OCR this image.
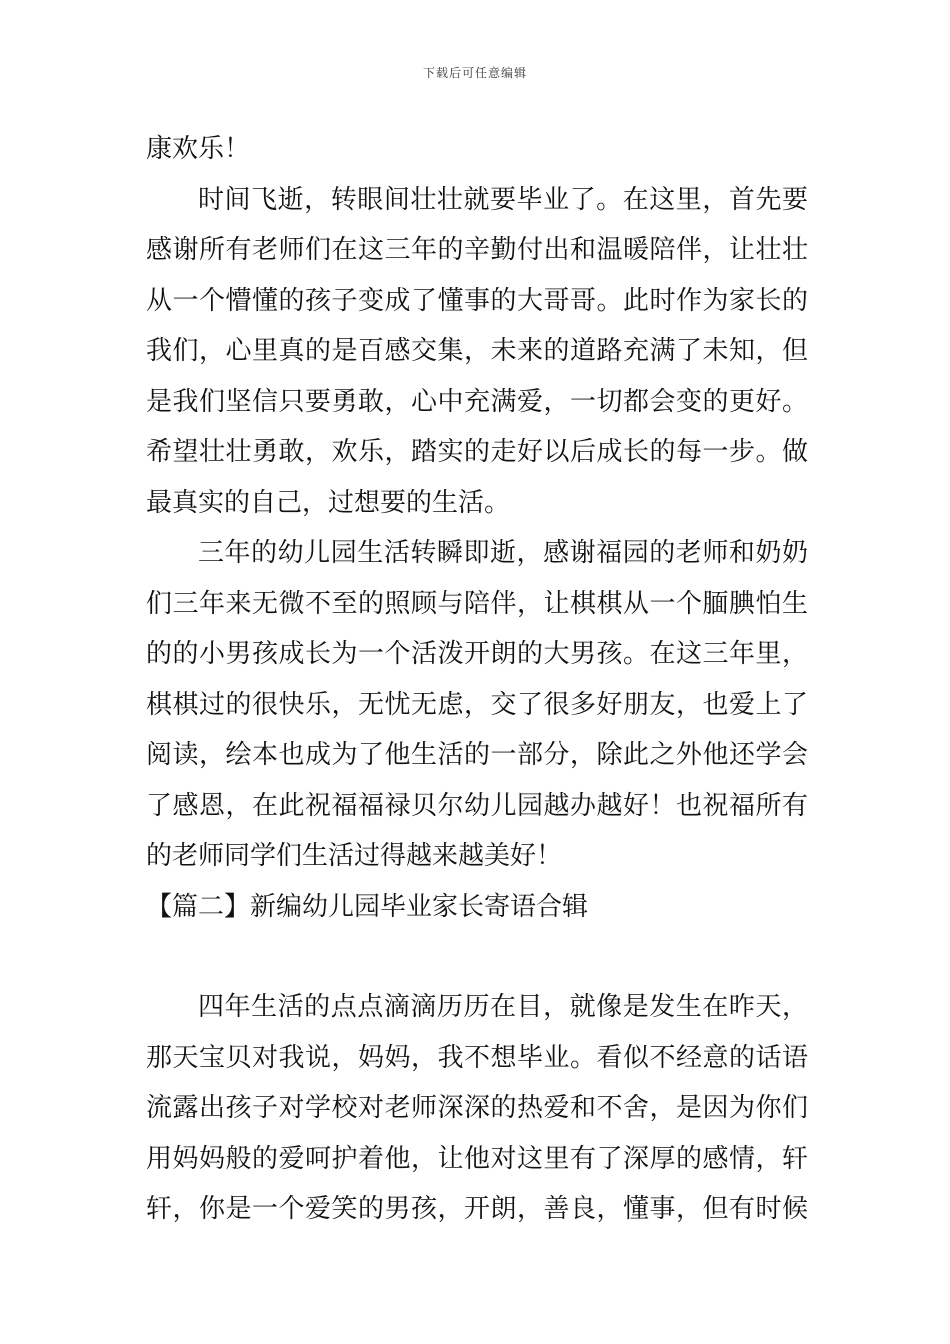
下载后可任意编辑
康欢乐！
时间飞逝，转眼间壮壮就要毕业了。在这里，首先要
感谢所有老师们在这三年的辛勤付出和温暖陪伴，让壮壮
从一个懵懂的孩子变成了懂事的大哥哥。此时作为家长的
我们，心里真的是百感交集，未来的道路充满了未知，但
是我们坚信只要勇敢，心中充满爱，一切都会变的更好。
希望壮壮勇敢，欢乐，踏实的走好以后成长的每一步。做
最真实的自己，过想要的生活。
三年的幼儿园生活转瞬即逝，感谢福园的老师和奶奶
们三年来无微不至的照顾与陪伴，让棋棋从一个腼腆怕生
的的小男孩成长为一个活泼开朗的大男孩。在这三年里，
棋棋过的很快乐，无忧无虑，交了很多好朋友，也爱上了
阅读，绘本也成为了他生活的一部分，除此之外他还学会
了感恩，在此祝福福禄贝尔幼儿园越办越好！也祝福所有
的老师同学们生活过得越来越美好！
【篇二】新编幼儿园毕业家长寄语合辑
四年生活的点点滴滴历历在目，就像是发生在昨天，
那天宝贝对我说，妈妈，我不想毕业。看似不经意的话语
流露出孩子对学校对老师深深的热爱和不舍，是因为你们
用妈妈般的爱呵护着他，让他对这里有了深厚的感情，轩
轩，你是一个爱笑的男孩，开朗，善良，懂事，但有时候
